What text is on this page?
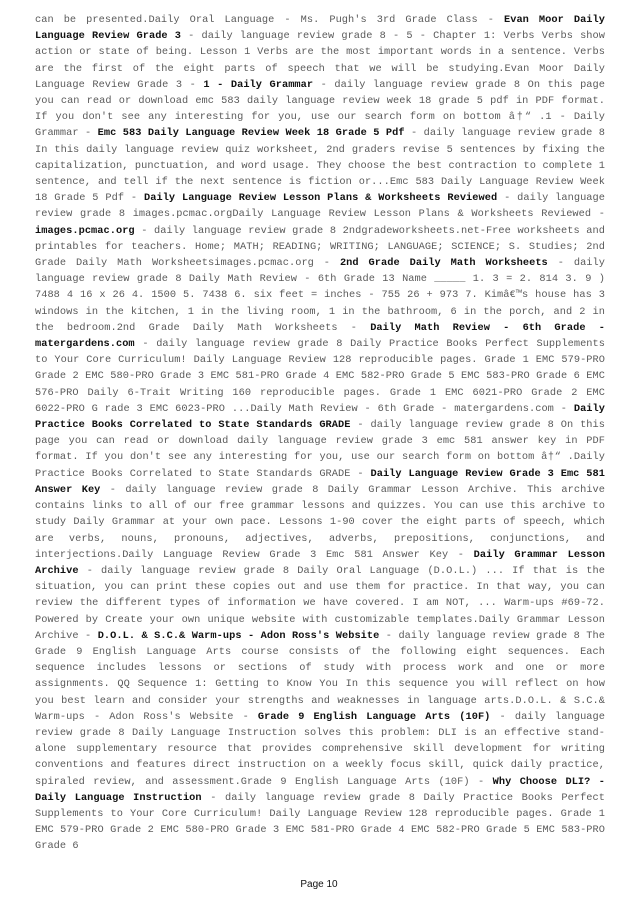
can be presented.Daily Oral Language - Ms. Pugh's 3rd Grade Class - Evan Moor Daily Language Review Grade 3 - daily language review grade 8 - 5 - Chapter 1: Verbs Verbs show action or state of being. Lesson 1 Verbs are the most important words in a sentence. Verbs are the first of the eight parts of speech that we will be studying.Evan Moor Daily Language Review Grade 3 - 1 - Daily Grammar - daily language review grade 8 On this page you can read or download emc 583 daily language review week 18 grade 5 pdf in PDF format. If you don't see any interesting for you, use our search form on bottom â†“ .1 - Daily Grammar - Emc 583 Daily Language Review Week 18 Grade 5 Pdf - daily language review grade 8 In this daily language review quiz worksheet, 2nd graders revise 5 sentences by fixing the capitalization, punctuation, and word usage. They choose the best contraction to complete 1 sentence, and tell if the next sentence is fiction or...Emc 583 Daily Language Review Week 18 Grade 5 Pdf - Daily Language Review Lesson Plans & Worksheets Reviewed - daily language review grade 8 images.pcmac.orgDaily Language Review Lesson Plans & Worksheets Reviewed - images.pcmac.org - daily language review grade 8 2ndgradeworksheets.net-Free worksheets and printables for teachers. Home; MATH; READING; WRITING; LANGUAGE; SCIENCE; S. Studies; 2nd Grade Daily Math Worksheetsimages.pcmac.org - 2nd Grade Daily Math Worksheets - daily language review grade 8 Daily Math Review - 6th Grade 13 Name _____ 1. 3 = 2. 814 3. 9 ) 7488 4 16 x 26 4. 1500 5. 7438 6. six feet = inches - 755 26 + 973 7. Kimâ€™s house has 3 windows in the kitchen, 1 in the living room, 1 in the bathroom, 6 in the porch, and 2 in the bedroom.2nd Grade Daily Math Worksheets - Daily Math Review - 6th Grade - matergardens.com - daily language review grade 8 Daily Practice Books Perfect Supplements to Your Core Curriculum! Daily Language Review 128 reproducible pages. Grade 1 EMC 579-PRO Grade 2 EMC 580-PRO Grade 3 EMC 581-PRO Grade 4 EMC 582-PRO Grade 5 EMC 583-PRO Grade 6 EMC 576-PRO Daily 6-Trait Writing 160 reproducible pages. Grade 1 EMC 6021-PRO Grade 2 EMC 6022-PRO G rade 3 EMC 6023-PRO ...Daily Math Review - 6th Grade - matergardens.com - Daily Practice Books Correlated to State Standards GRADE - daily language review grade 8 On this page you can read or download daily language review grade 3 emc 581 answer key in PDF format. If you don't see any interesting for you, use our search form on bottom â†“ .Daily Practice Books Correlated to State Standards GRADE - Daily Language Review Grade 3 Emc 581 Answer Key - daily language review grade 8 Daily Grammar Lesson Archive. This archive contains links to all of our free grammar lessons and quizzes. You can use this archive to study Daily Grammar at your own pace. Lessons 1-90 cover the eight parts of speech, which are verbs, nouns, pronouns, adjectives, adverbs, prepositions, conjunctions, and interjections.Daily Language Review Grade 3 Emc 581 Answer Key - Daily Grammar Lesson Archive - daily language review grade 8 Daily Oral Language (D.O.L.) ... If that is the situation, you can print these copies out and use them for practice. In that way, you can review the different types of information we have covered. I am NOT, ... Warm-ups #69-72. Powered by Create your own unique website with customizable templates.Daily Grammar Lesson Archive - D.O.L. & S.C.& Warm-ups - Adon Ross's Website - daily language review grade 8 The Grade 9 English Language Arts course consists of the following eight sequences. Each sequence includes lessons or sections of study with process work and one or more assignments. QQ Sequence 1: Getting to Know You In this sequence you will reflect on how you best learn and consider your strengths and weaknesses in language arts.D.O.L. & S.C.& Warm-ups - Adon Ross's Website - Grade 9 English Language Arts (10F) - daily language review grade 8 Daily Language Instruction solves this problem: DLI is an effective stand-alone supplementary resource that provides comprehensive skill development for writing conventions and features direct instruction on a weekly focus skill, quick daily practice, spiraled review, and assessment.Grade 9 English Language Arts (10F) - Why Choose DLI? - Daily Language Instruction - daily language review grade 8 Daily Practice Books Perfect Supplements to Your Core Curriculum! Daily Language Review 128 reproducible pages. Grade 1 EMC 579-PRO Grade 2 EMC 580-PRO Grade 3 EMC 581-PRO Grade 4 EMC 582-PRO Grade 5 EMC 583-PRO Grade 6

Page 10
